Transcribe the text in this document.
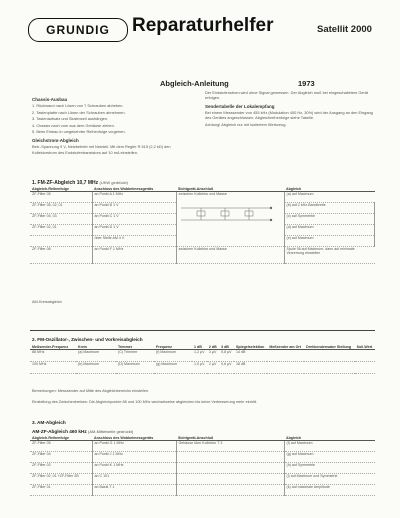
GRUNDIG Reparaturhelfer	Satellit 2000
Abgleich-Anleitung	1973

Chassis-Ausbau

1. Rückwand nach Lösen von 7 Schrauben abheben.

2. Tastenplatte nach Lösen der Schrauben abnehmen.

3. Tastenaufsatz und Skalenseil aushängen.

4. Chassis nach vorn aus dem Gehäuse ziehen.

5. Beim Einbau in umgekehrter Reihenfolge vorgehen.

Gleichstrom-Abgleich

Betr.-Spannung 9 V, Netzbetrieb mit Netzteil. Mit dem Regler R 515 (2,2 kΩ) den Kollektorstrom des Endstufentransistors auf 10 mA einstellen.

Der Endstufenstrom wird ohne Signal gemessen. Der Abgleich muß bei eingeschaltetem Gerät erfolgen.

Sendertabelle der Lokalempfang

Bei einem Messsender von 455 kHz (Modulation 400 Hz, 30%) wird der Ausgang an den Eingang des Gerätes angeschlossen. Abgleichreihenfolge siehe Tabelle.

Achtung! Abgleich nur mit isoliertem Werkzeug.

1. FM-ZF-Abgleich 10,7 MHz (UKW gedrückt)
Abgleich-Reihenfolge	Anschluss des Wobbelmessgeräts	Sichtgerät-Anschluß	Abgleich
ZF-Filter 05	an Punkt A 1 MHz	zwischen Kollektor und Masse	(a) auf Maximum
ZF-Filter 05, 02, 01	an Punkt B 1 V		(b) auf 2 kHz-Bandbreite
ZF-Filter 04, 03	an Punkt C 1 V		(c) auf Symmetrie
ZF-Filter 02, 01	an Punkt D 1 V		(d) auf Maximum
	über Stelle AM 4 V		(e) auf Maximum
ZF-Filter 06	an Punkt F 1 MHz	zwischen Kollektor und Masse	Spule 06 auf Maximum, dann auf minimale Verzerrung einstellen
AM-Kreisabgleich
2. FM-Oszillator-, Zwischen- und Vorkreisabgleich
Meßsender-Frequenz	Kreis	Trimmer	Frequenz	1 dB	2 dB	3 dB	Spiegelselektion	Meßsender am Ort	Drehkondensator Stellung	Soll-Wert
88 MHz	(a) Maximum	(C) Trimmer	(f) Maximum	1,2 µV	3 µV	0,8 µV	14 dB			
100 MHz	(b) Maximum	(D) Maximum	(g) Maximum	1,0 µV	2 µV	0,6 µV	18 dB			
Bemerkungen: Messsender auf Mitte des Abgleichbereichs einstellen.
Einstellung des Zwischenkreises: Die Abgleichpunkte 88 und 100 MHz wechselweise abgleichen bis keine Verbesserung mehr eintritt.
3. AM-Abgleich
AM-ZF-Abgleich 460 kHz (AM-Mittelwelle gedrückt)
Abgleich-Reihenfolge	Anschluss des Wobbelmessgeräts	Sichtgerät-Anschluß	Abgleich
ZF-Filter 05	an Punkt G 1 MHz	Gehäuse über Kollektor T 3	(f) auf Maximum
ZF-Filter 04	an Punkt J 1 MHz		(g) auf Maximum
ZF-Filter 03	an Punkt K 1 MHz		(h) auf Symmetrie
ZF-Filter 02, 01 +ZF-Filter 2B	an C 101		(i) auf Maximum und Symmetrie
ZF-Filter 01	an Basis T 1		(k) auf maximale Amplitude
